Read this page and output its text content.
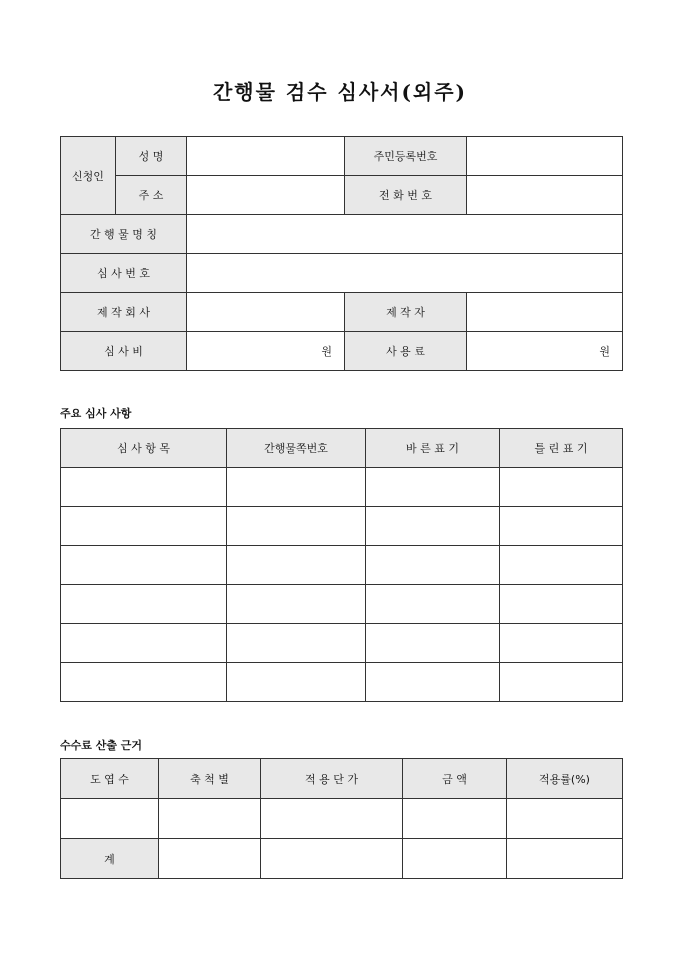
간행물 검수 심사서(외주)
신청인	성 명		주민등록번호	
	주 소		전 화 번 호	
간 행 물 명 칭				
심 사 번 호				
제 작 회 사			제 작 자	
심 사 비		원	사 용 료	원
주요 심사 사항
심 사 항 목	간행물쪽번호	바 른 표 기	틀 린 표 기

수수료 산출 근거
도 엽 수	축 척 별	적 용 단 가	금 액	적용률(%)

계				
